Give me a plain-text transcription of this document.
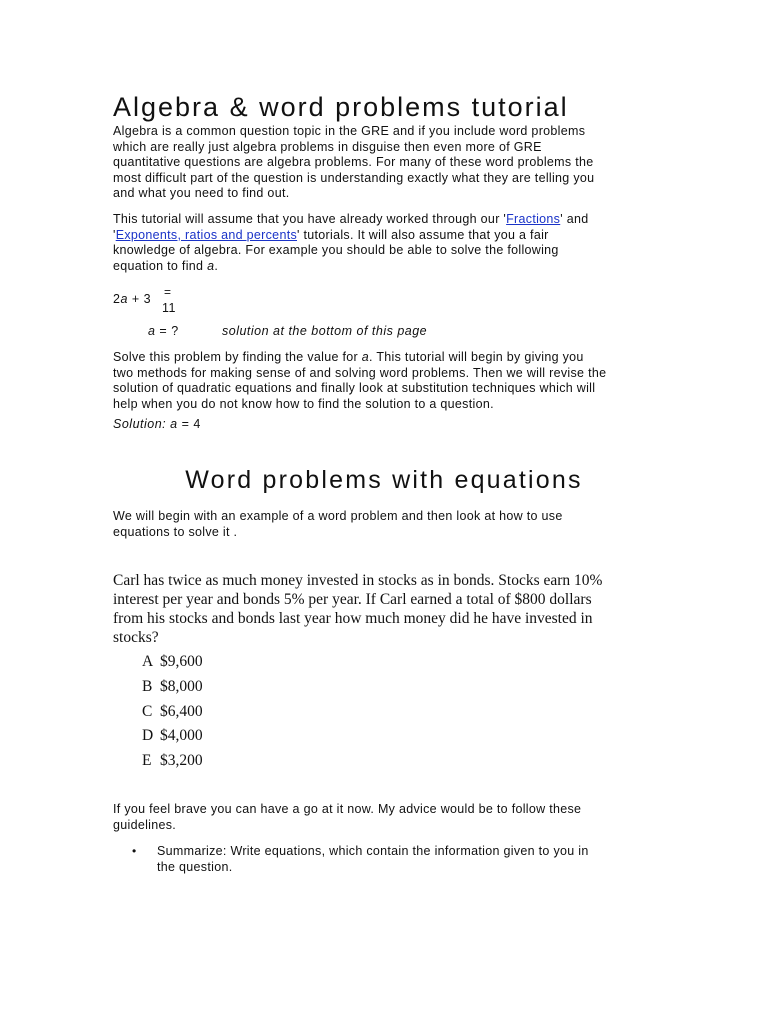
Algebra & word problems tutorial
Algebra is a common question topic in the GRE and if you include word problems
which are really just algebra problems in disguise then even more of GRE
quantitative questions are algebra problems. For many of these word problems the
most difficult part of the question is understanding exactly what they are telling you
and what you need to find out.
This tutorial will assume that you have already worked through our 'Fractions' and
'Exponents, ratios and percents' tutorials. It will also assume that you a fair
knowledge of algebra. For example you should be able to solve the following
equation to find a.
2a + 3 =
11
a = ?	solution at the bottom of this page
Solve this problem by finding the value for a. This tutorial will begin by giving you
two methods for making sense of and solving word problems. Then we will revise the
solution of quadratic equations and finally look at substitution techniques which will
help when you do not know how to find the solution to a question.
Solution: a = 4
Word problems with equations
We will begin with an example of a word problem and then look at how to use
equations to solve it .
Carl has twice as much money invested in stocks as in bonds. Stocks earn 10%
interest per year and bonds 5% per year. If Carl earned a total of $800 dollars
from his stocks and bonds last year how much money did he have invested in
stocks?
A $9,600
B $8,000
C $6,400
D $4,000
E $3,200
If you feel brave you can have a go at it now. My advice would be to follow these
guidelines.
• Summarize: Write equations, which contain the information given to you in
the question.
